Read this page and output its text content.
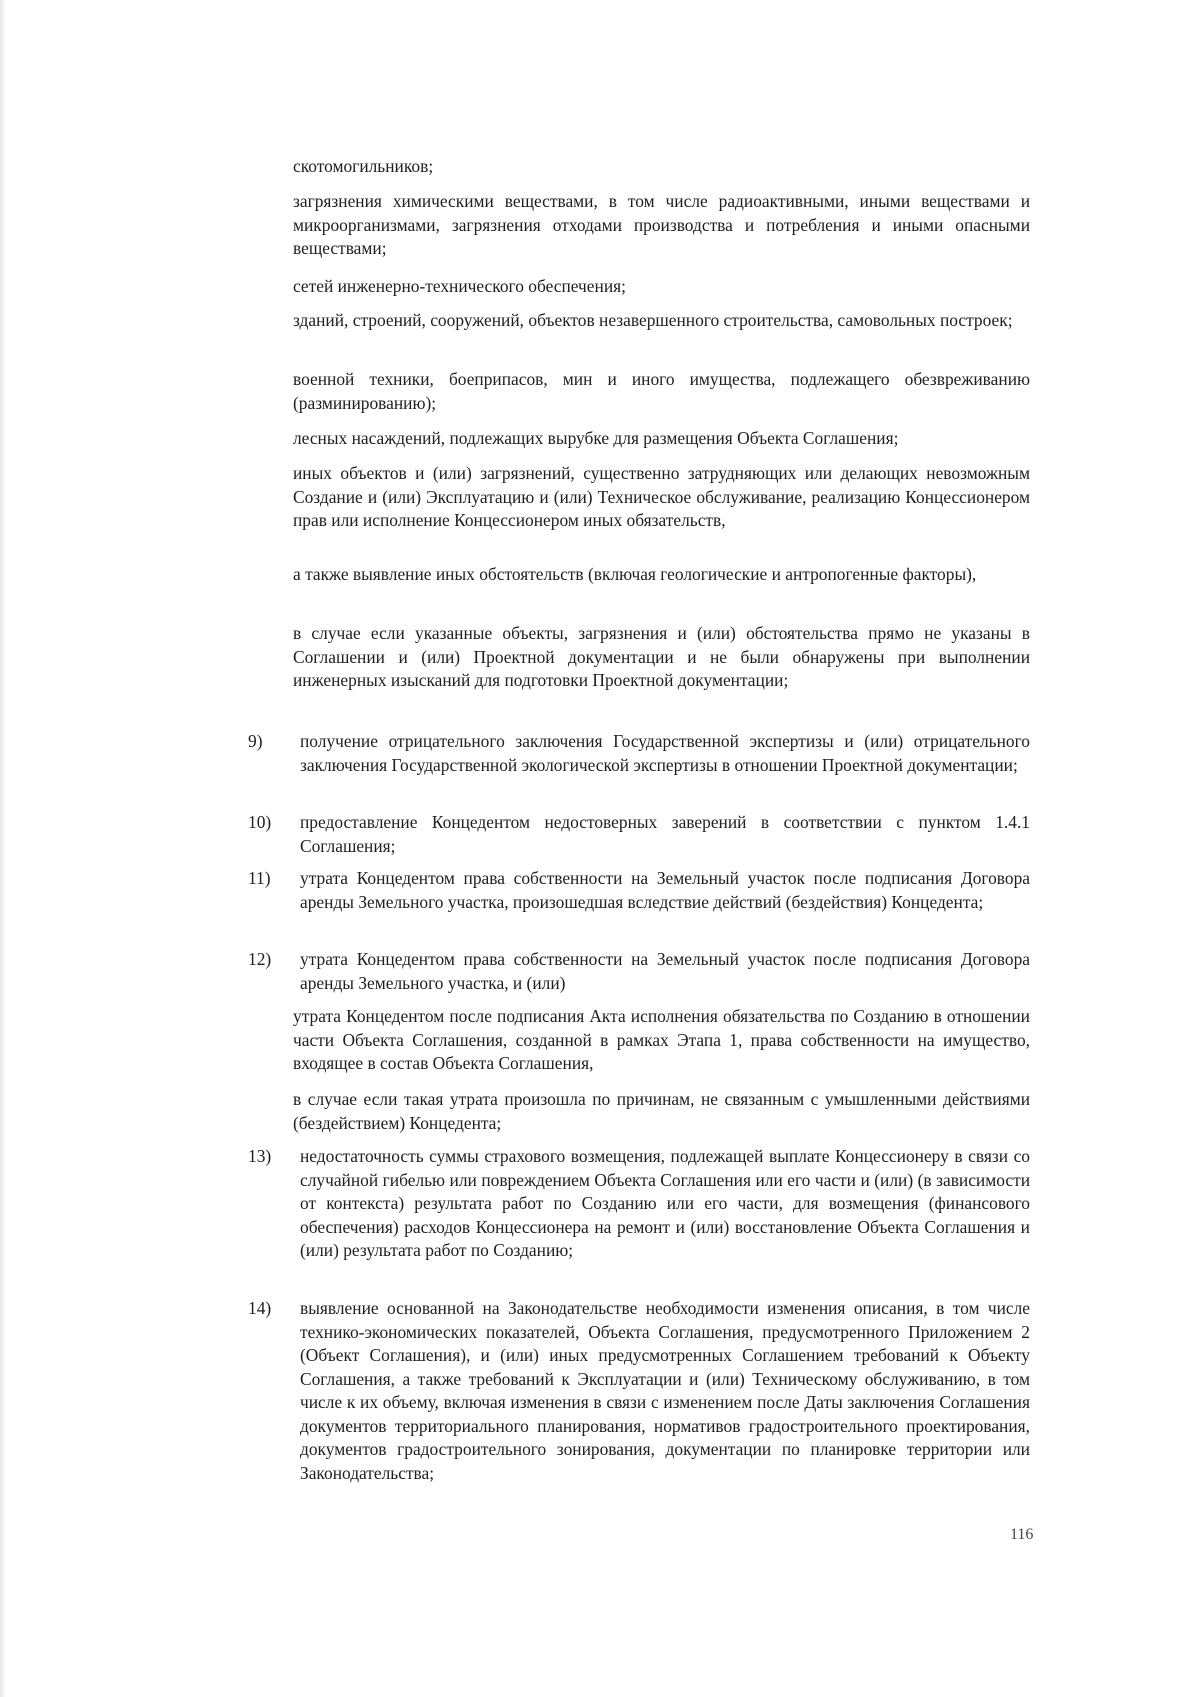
скотомогильников;

загрязнения химическими веществами, в том числе радиоактивными, иными веществами и микроорганизмами, загрязнения отходами производства и потребления и иными опасными веществами;

сетей инженерно-технического обеспечения;

зданий, строений, сооружений, объектов незавершенного строительства, самовольных построек;

военной техники, боеприпасов, мин и иного имущества, подлежащего обезвреживанию (разминированию);

лесных насаждений, подлежащих вырубке для размещения Объекта Соглашения;

иных объектов и (или) загрязнений, существенно затрудняющих или делающих невозможным Создание и (или) Эксплуатацию и (или) Техническое обслуживание, реализацию Концессионером прав или исполнение Концессионером иных обязательств,

а также выявление иных обстоятельств (включая геологические и антропогенные факторы),

в случае если указанные объекты, загрязнения и (или) обстоятельства прямо не указаны в Соглашении и (или) Проектной документации и не были обнаружены при выполнении инженерных изысканий для подготовки Проектной документации;

9)	получение отрицательного заключения Государственной экспертизы и (или) отрицательного заключения Государственной экологической экспертизы в отношении Проектной документации;
10)	предоставление Концедентом недостоверных заверений в соответствии с пунктом 1.4.1 Соглашения;
11)	утрата Концедентом права собственности на Земельный участок после подписания Договора аренды Земельного участка, произошедшая вследствие действий (бездействия) Концедента;
12)	утрата Концедентом права собственности на Земельный участок после подписания Договора аренды Земельного участка, и (или)

утрата Концедентом после подписания Акта исполнения обязательства по Созданию в отношении части Объекта Соглашения, созданной в рамках Этапа 1, права собственности на имущество, входящее в состав Объекта Соглашения,

в случае если такая утрата произошла по причинам, не связанным с умышленными действиями (бездействием) Концедента;

13)	недостаточность суммы страхового возмещения, подлежащей выплате Концессионеру в связи со случайной гибелью или повреждением Объекта Соглашения или его части и (или) (в зависимости от контекста) результата работ по Созданию или его части, для возмещения (финансового обеспечения) расходов Концессионера на ремонт и (или) восстановление Объекта Соглашения и (или) результата работ по Созданию;
14)	выявление основанной на Законодательстве необходимости изменения описания, в том числе технико-экономических показателей, Объекта Соглашения, предусмотренного Приложением 2 (Объект Соглашения), и (или) иных предусмотренных Соглашением требований к Объекту Соглашения, а также требований к Эксплуатации и (или) Техническому обслуживанию, в том числе к их объему, включая изменения в связи с изменением после Даты заключения Соглашения документов территориального планирования, нормативов градостроительного проектирования, документов градостроительного зонирования, документации по планировке территории или Законодательства;
116
